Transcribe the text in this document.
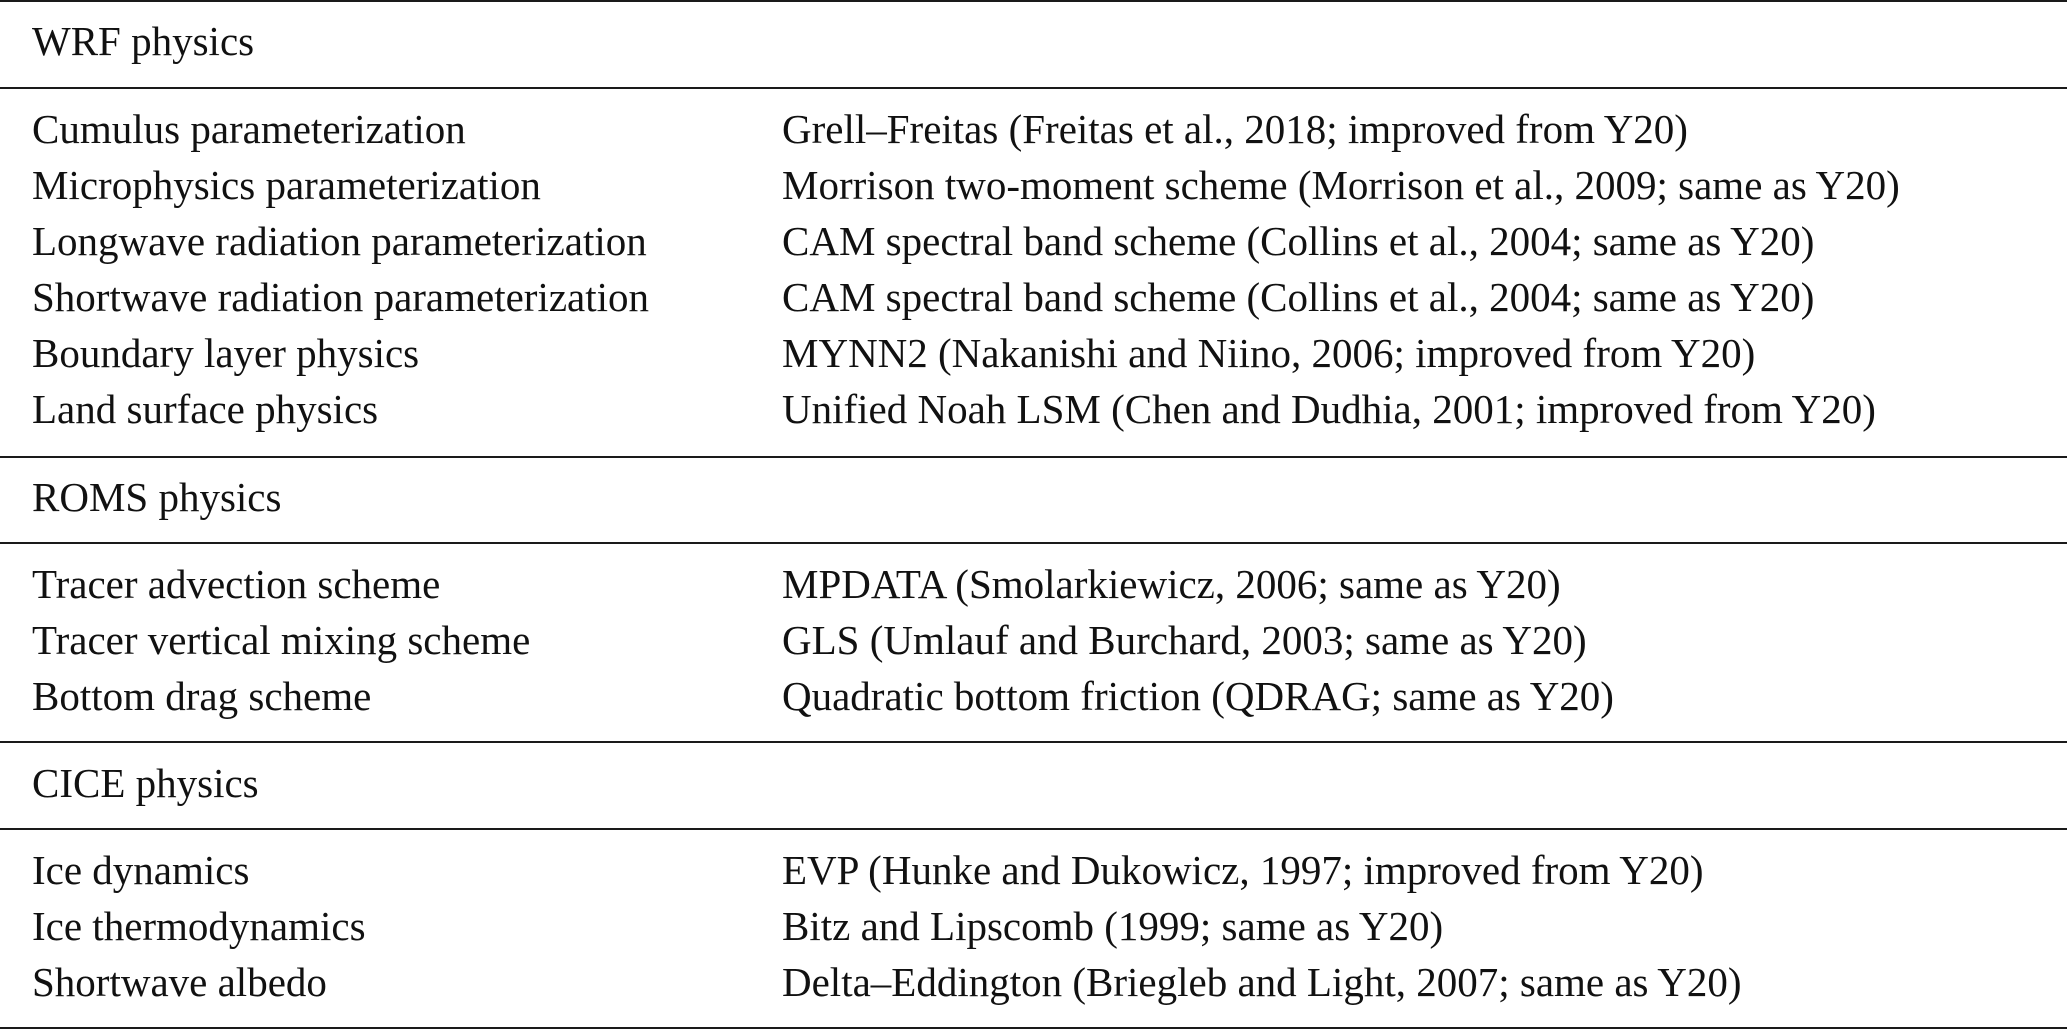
WRF physics
Cumulus parameterization	Grell–Freitas (Freitas et al., 2018; improved from Y20)
Microphysics parameterization	Morrison two-moment scheme (Morrison et al., 2009; same as Y20)
Longwave radiation parameterization	CAM spectral band scheme (Collins et al., 2004; same as Y20)
Shortwave radiation parameterization	CAM spectral band scheme (Collins et al., 2004; same as Y20)
Boundary layer physics	MYNN2 (Nakanishi and Niino, 2006; improved from Y20)
Land surface physics	Unified Noah LSM (Chen and Dudhia, 2001; improved from Y20)
ROMS physics
Tracer advection scheme	MPDATA (Smolarkiewicz, 2006; same as Y20)
Tracer vertical mixing scheme	GLS (Umlauf and Burchard, 2003; same as Y20)
Bottom drag scheme	Quadratic bottom friction (QDRAG; same as Y20)
CICE physics
Ice dynamics	EVP (Hunke and Dukowicz, 1997; improved from Y20)
Ice thermodynamics	Bitz and Lipscomb (1999; same as Y20)
Shortwave albedo	Delta–Eddington (Briegleb and Light, 2007; same as Y20)
